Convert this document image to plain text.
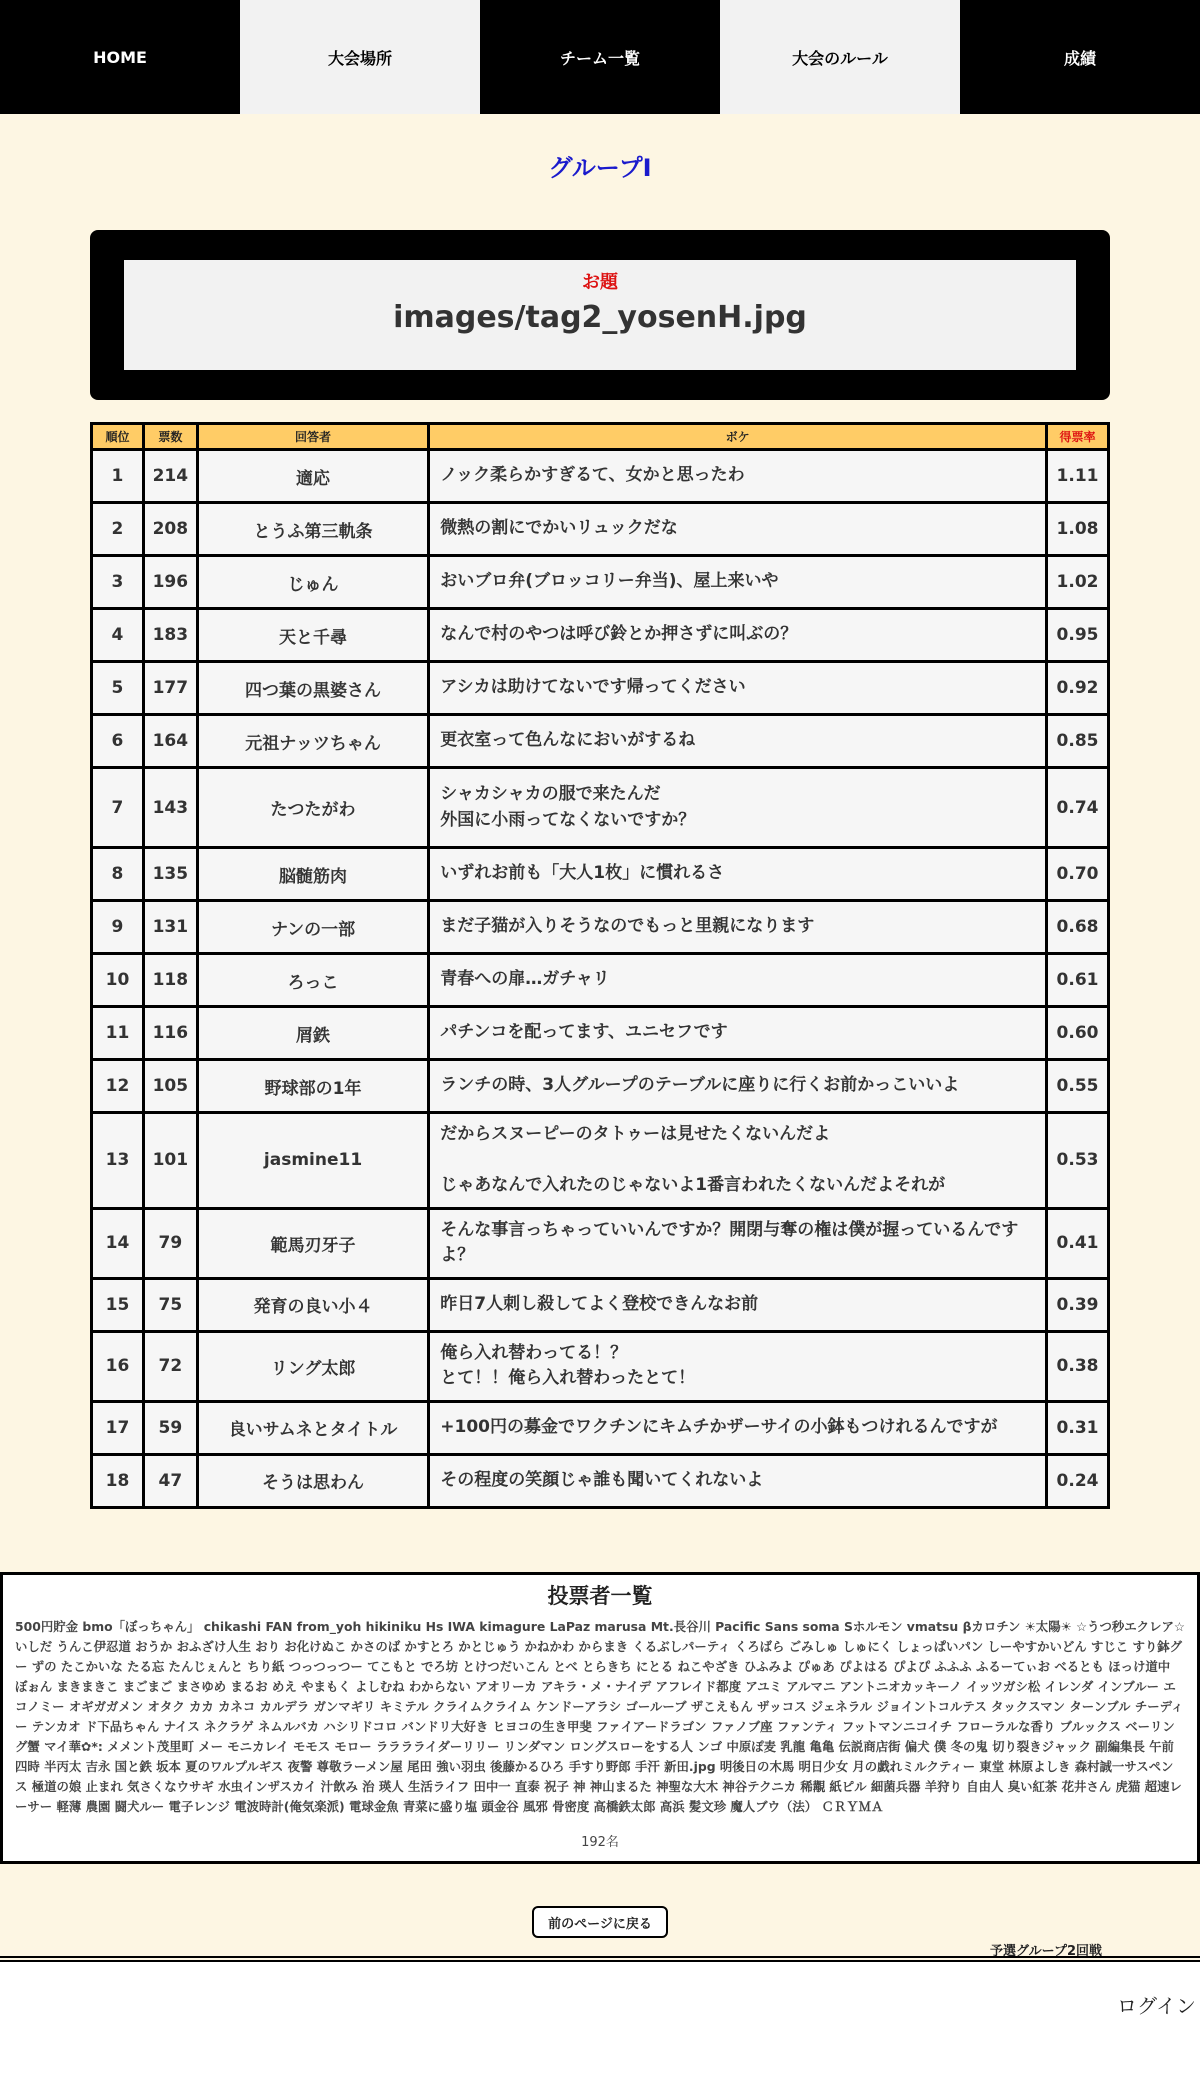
HOME	大会場所	チーム一覧	大会のルール	成績
グループI
お題
images/tag2_yosenH.jpg
順位	票数	回答者	ボケ	得票率
1	214	適応	ノック柔らかすぎるて、女かと思ったわ	1.11
2	208	とうふ第三軌条	微熱の割にでかいリュックだな	1.08
3	196	じゅん	おいブロ弁(ブロッコリー弁当)、屋上来いや	1.02
4	183	天と千尋	なんで村のやつは呼び鈴とか押さずに叫ぶの？	0.95
5	177	四つ葉の黒婆さん	アシカは助けてないです帰ってください	0.92
6	164	元祖ナッツちゃん	更衣室って色んなにおいがするね	0.85
7	143	たつたがわ	シャカシャカの服で来たんだ
外国に小雨ってなくないですか？	0.74
8	135	脳髄筋肉	いずれお前も「大人1枚」に慣れるさ	0.70
9	131	ナンの一部	まだ子猫が入りそうなのでもっと里親になります	0.68
10	118	ろっこ	青春への扉…ガチャリ	0.61
11	116	屑鉄	パチンコを配ってます、ユニセフです	0.60
12	105	野球部の1年	ランチの時、3人グループのテーブルに座りに行くお前かっこいいよ	0.55
13	101	jasmine11	だからスヌーピーのタトゥーは見せたくないんだよ

じゃあなんで入れたのじゃないよ1番言われたくないんだよそれが	0.53
14	79	範馬刃牙子	そんな事言っちゃっていいんですか？開閉与奪の権は僕が握っているんですよ？	0.41
15	75	発育の良い小４	昨日7人刺し殺してよく登校できんなお前	0.39
16	72	リング太郎	俺ら入れ替わってる！？
とて！！俺ら入れ替わったとて！	0.38
17	59	良いサムネとタイトル	+100円の募金でワクチンにキムチかザーサイの小鉢もつけれるんですが	0.31
18	47	そうは思わん	その程度の笑顔じゃ誰も聞いてくれないよ	0.24
投票者一覧
500円貯金 bmo「ぼっちゃん」 chikashi FAN from_yoh hikiniku Hs IWA kimagure LaPaz marusa Mt.長谷川 Pacific Sans soma Sホルモン vmatsu βカロチン ☀太陽☀ ☆うつ秒エクレア☆ いしだ うんこ伊忍道 おうか おふざけ人生 おり お化けぬこ かさのば かすとろ かとじゅう かねかわ からまき くるぶしパーティ くろばら ごみしゅ しゅにく しょっぱいパン しーやすかいどん すじこ すり鉢グー ずの たこかいな たる忘 たんじぇんと ちり紙 つっつっつー てこもと でろ坊 とけつだいこん とべ とらきち にとる ねこやざき ひふみよ ぴゅあ ぴよはる ぴよぴ ふふふ ふるーてぃお べるとも ほっけ道中 ぼぉん まきまきこ まごまご まさゆめ まるお めえ やまもく よしむね わからない アオリーカ アキラ・メ・ナイデ アフレイド都度 アユミ アルマニ アントニオカッキーノ イッツガシ松 イレンダ インブルー エコノミー オギガガメン オタク カカ カネコ カルデラ ガンマギリ キミテル クライムクライム ケンドーアラシ ゴールーブ ザこえもん ザッコス ジェネラル ジョイントコルテス タックスマン ターンブル チーディー テンカオ ド下品ちゃん ナイス ネクラゲ ネムルバカ ハシリドコロ バンドリ大好き ヒヨコの生き甲斐 ファイアードラゴン ファノブ座 ファンティ フットマンニコイチ フローラルな香り ブルックス ベーリング蟹 マイ華✿*: メメント茂里町 メー モニカレイ モモス モロー ラララライダーリリー リンダマン ロングスローをする人 ンゴ 中原ぽ麦 乳龍 亀亀 伝説商店街 偏犬 僕 冬の鬼 切り裂きジャック 副編集長 午前四時 半丙太 吉永 国と鉄 坂本 夏のワルプルギス 夜警 尊敬ラーメン屋 尾田 強い羽虫 後藤かるひろ 手すり野郎 手汗 新田.jpg 明後日の木馬 明日少女 月の戯れミルクティー 東堂 林原よしき 森村誠一サスペンス 極道の娘 止まれ 気さくなウサギ 水虫インザスカイ 汁飲み 治 瑛人 生活ライフ 田中一 直泰 祝子 神 神山まるた 神聖な大木 神谷テクニカ 稀覯 紙ピル 細菌兵器 羊狩り 自由人 臭い紅茶 花井さん 虎猫 超速レーサー 軽薄 農園 闘犬ルー 電子レンジ 電波時計(俺気楽派) 電球金魚 青菜に盛り塩 頭金谷 風邪 骨密度 高橋鉄太郎 高浜 髪文珍 魔人ブウ（法） ＣＲＹＭＡ
192名
前のページに戻る
予選グループ2回戦
ログイン
